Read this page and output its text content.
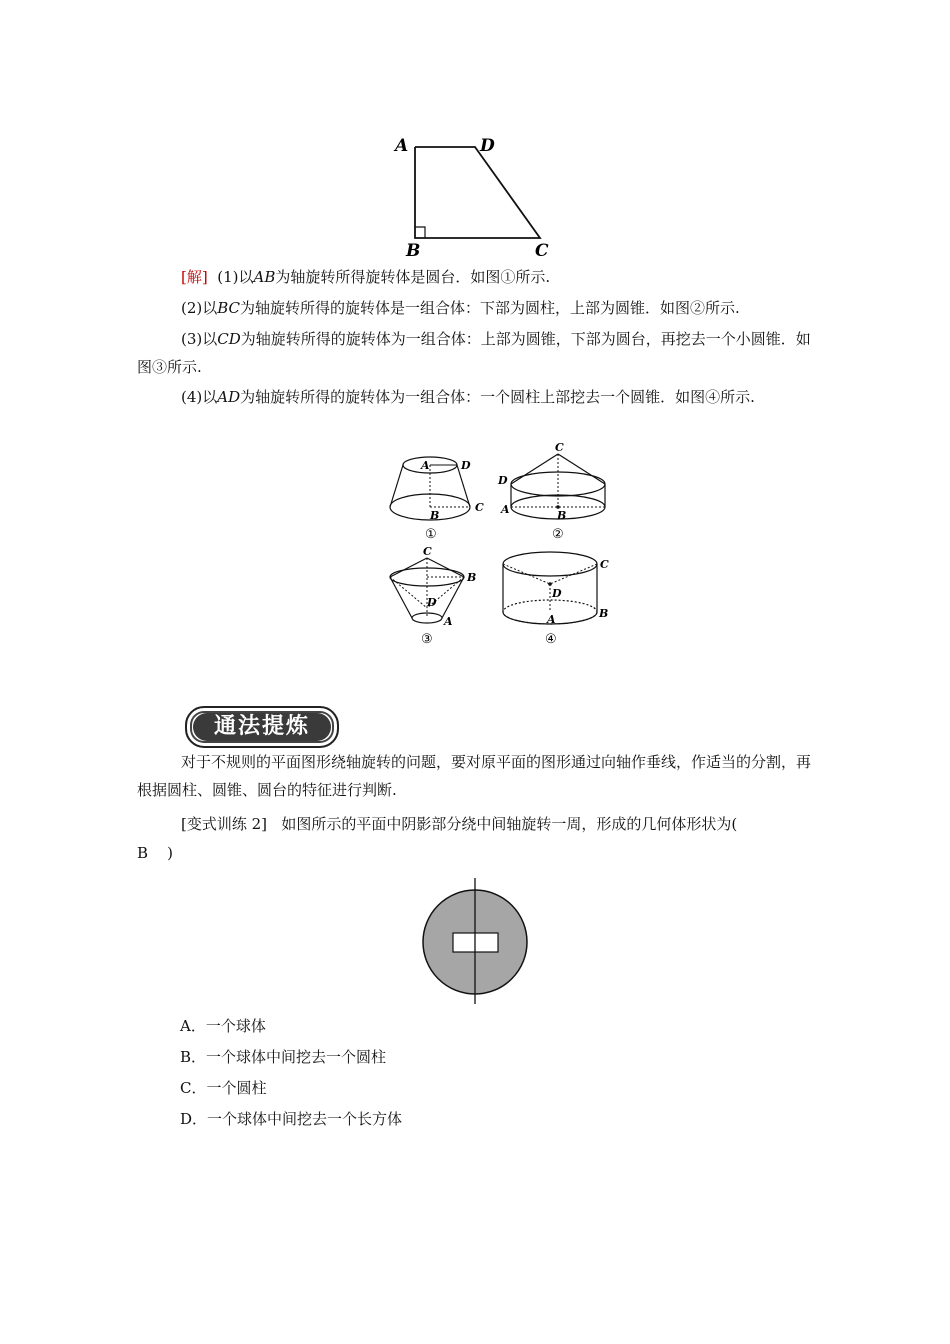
A	D
B	C
[解] (1)以AB为轴旋转所得旋转体是圆台．如图①所示.
(2)以BC为轴旋转所得的旋转体是一组合体：下部为圆柱，上部为圆锥．如图②所示.
(3)以CD为轴旋转所得的旋转体为一组合体：上部为圆锥，下部为圆台，再挖去一个小圆锥．如图③所示.
(4)以AD为轴旋转所得的旋转体为一组合体：一个圆柱上部挖去一个圆锥．如图④所示.
A	D
B
C
①
C
D
A	B
②
C
B
D
A
③
C
D
A	B
④
通法提炼
对于不规则的平面图形绕轴旋转的问题，要对原平面的图形通过向轴作垂线，作适当的分割，再根据圆柱、圆锥、圆台的特征进行判断.
[变式训练 2] 如图所示的平面中阴影部分绕中间轴旋转一周，形成的几何体形状为(
B )
A．一个球体
B．一个球体中间挖去一个圆柱
C．一个圆柱
D．一个球体中间挖去一个长方体
